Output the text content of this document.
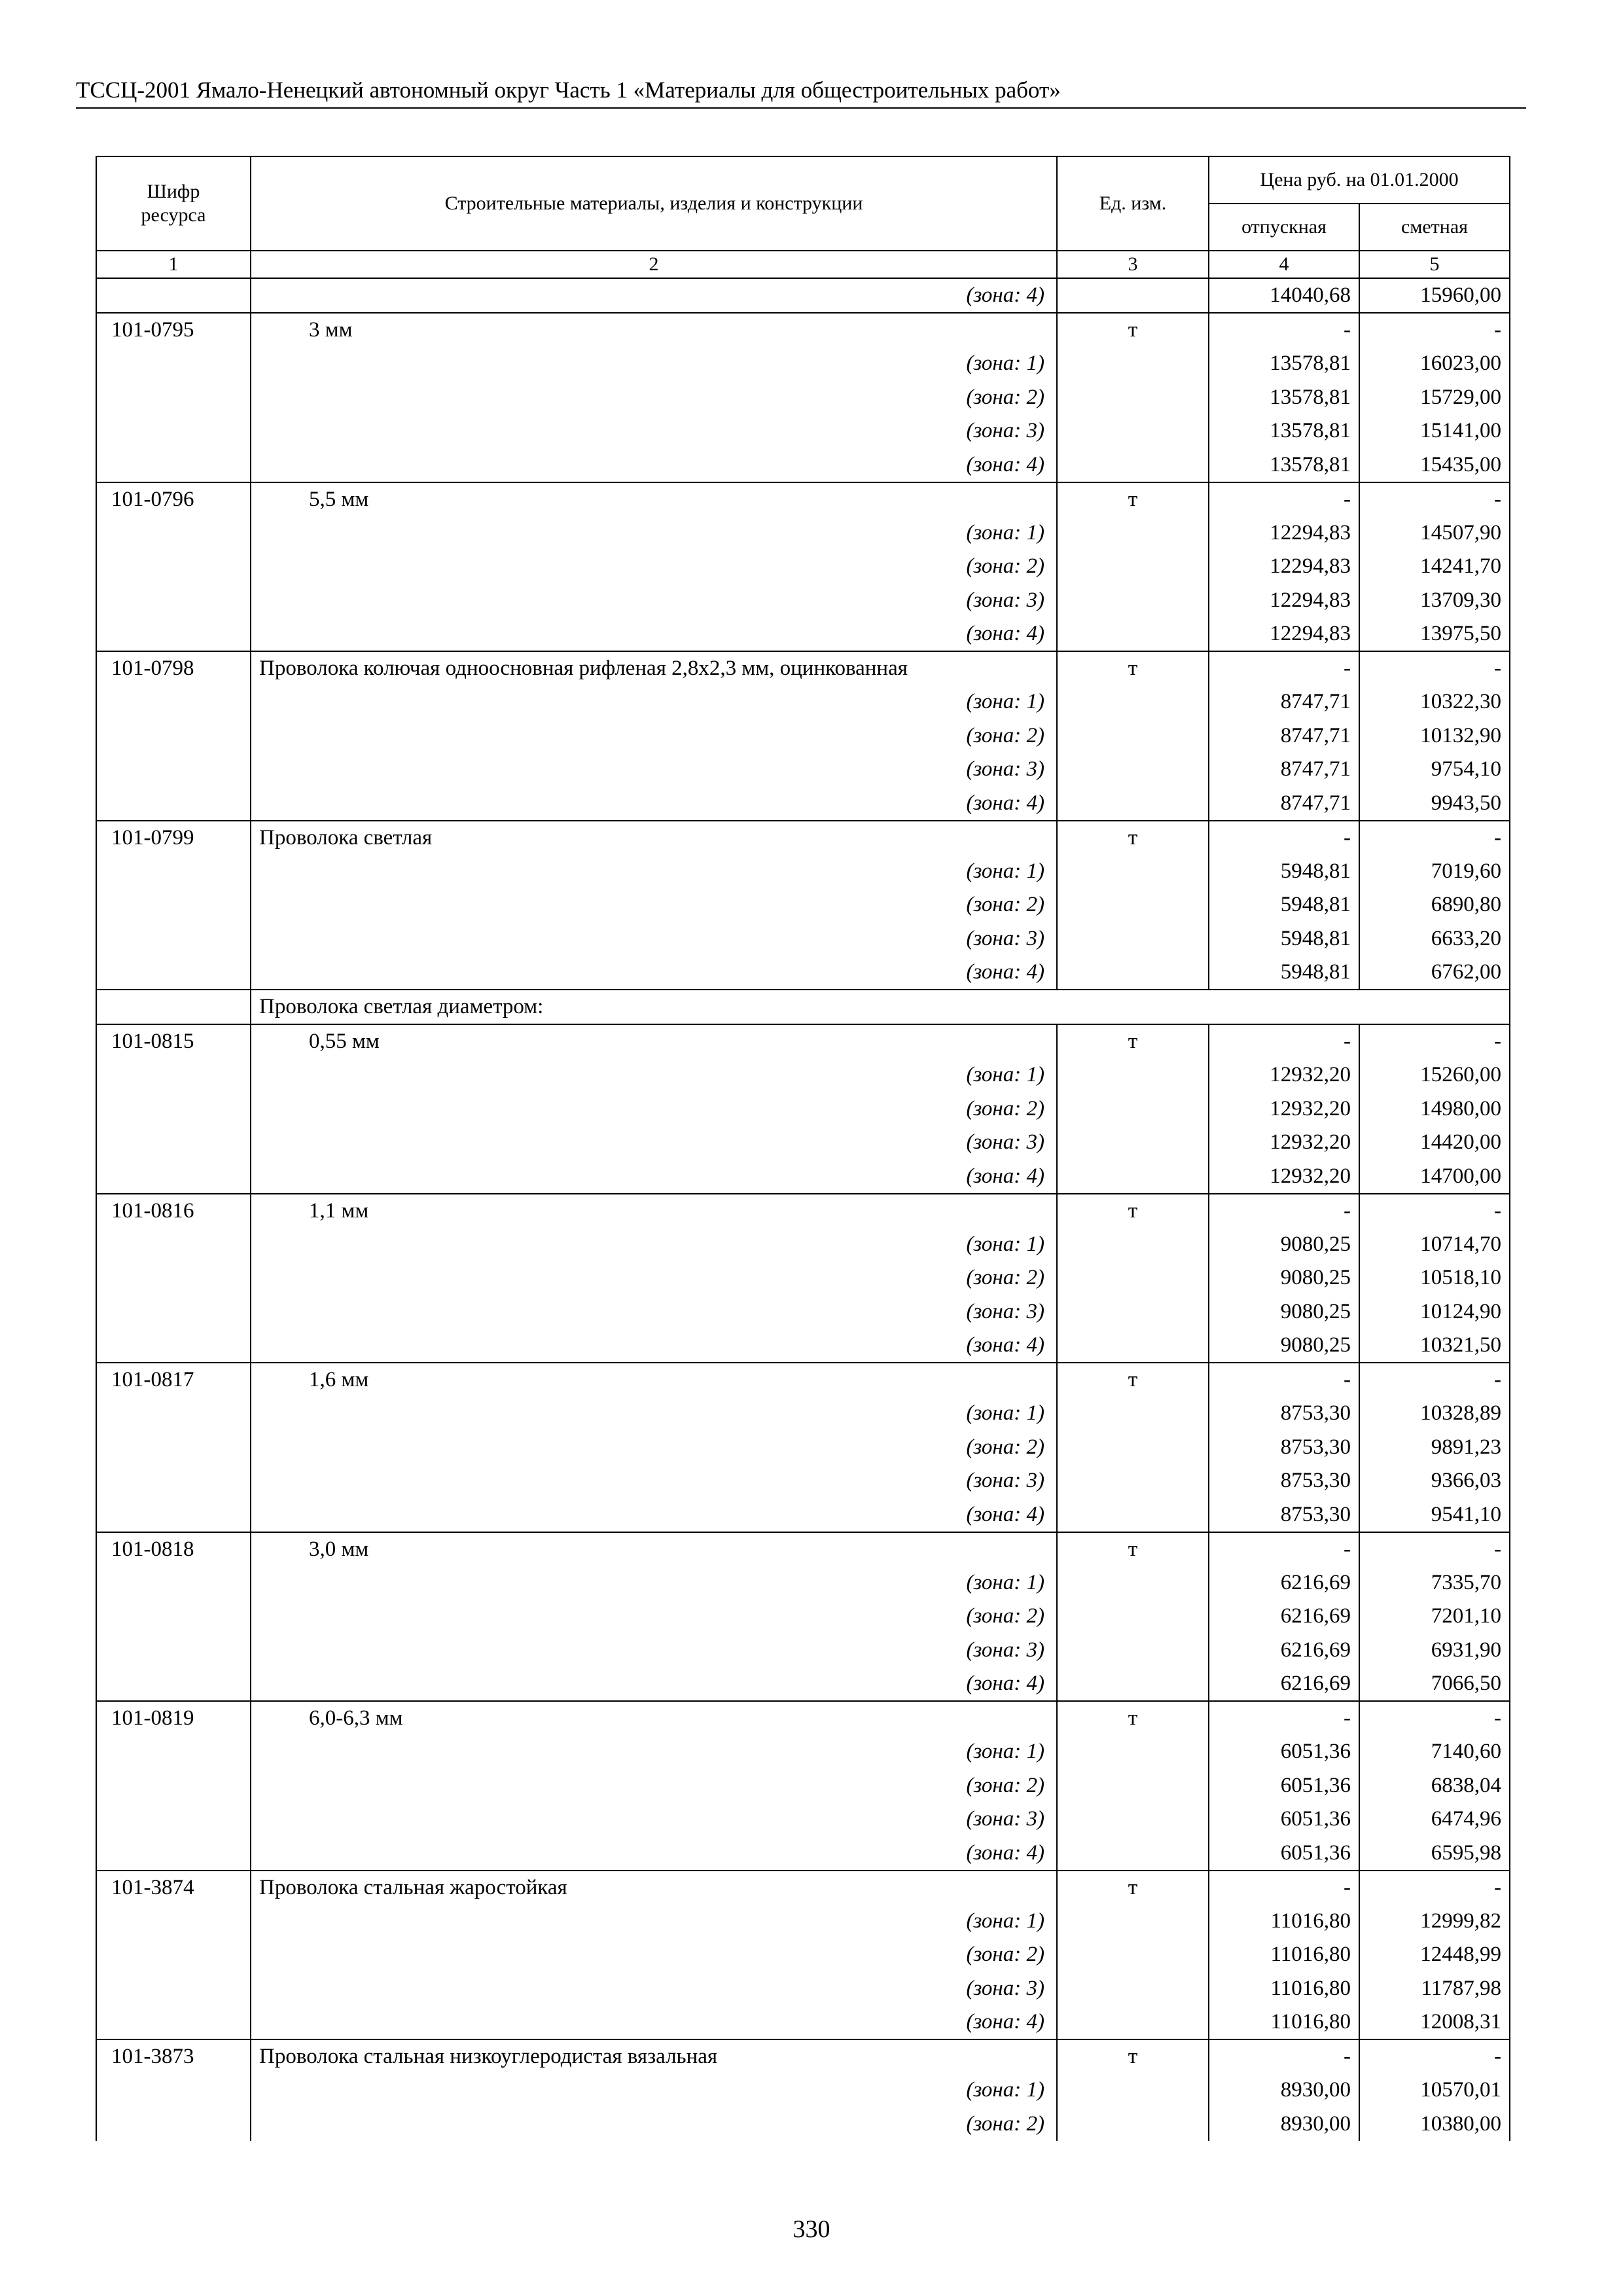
ТССЦ-2001 Ямало-Ненецкий автономный округ Часть 1 «Материалы для общестроительных работ»
Шифр ресурса	Строительные материалы, изделия и конструкции	Ед. изм.	Цена руб. на 01.01.2000	
			отпускная	сметная
1	2	3	4	5
	(зона: 4)		14040,68	15960,00
101-0795	3 мм	т	-	-
	(зона: 1)		13578,81	16023,00
	(зона: 2)		13578,81	15729,00
	(зона: 3)		13578,81	15141,00
	(зона: 4)		13578,81	15435,00
101-0796	5,5 мм	т	-	-
	(зона: 1)		12294,83	14507,90
	(зона: 2)		12294,83	14241,70
	(зона: 3)		12294,83	13709,30
	(зона: 4)		12294,83	13975,50
101-0798	Проволока колючая одноосновная рифленая 2,8х2,3 мм, оцинкованная	т	-	-
	(зона: 1)		8747,71	10322,30
	(зона: 2)		8747,71	10132,90
	(зона: 3)		8747,71	9754,10
	(зона: 4)		8747,71	9943,50
101-0799	Проволока светлая	т	-	-
	(зона: 1)		5948,81	7019,60
	(зона: 2)		5948,81	6890,80
	(зона: 3)		5948,81	6633,20
	(зона: 4)		5948,81	6762,00
	Проволока светлая диаметром:			
101-0815	0,55 мм	т	-	-
	(зона: 1)		12932,20	15260,00
	(зона: 2)		12932,20	14980,00
	(зона: 3)		12932,20	14420,00
	(зона: 4)		12932,20	14700,00
101-0816	1,1 мм	т	-	-
	(зона: 1)		9080,25	10714,70
	(зона: 2)		9080,25	10518,10
	(зона: 3)		9080,25	10124,90
	(зона: 4)		9080,25	10321,50
101-0817	1,6 мм	т	-	-
	(зона: 1)		8753,30	10328,89
	(зона: 2)		8753,30	9891,23
	(зона: 3)		8753,30	9366,03
	(зона: 4)		8753,30	9541,10
101-0818	3,0 мм	т	-	-
	(зона: 1)		6216,69	7335,70
	(зона: 2)		6216,69	7201,10
	(зона: 3)		6216,69	6931,90
	(зона: 4)		6216,69	7066,50
101-0819	6,0-6,3 мм	т	-	-
	(зона: 1)		6051,36	7140,60
	(зона: 2)		6051,36	6838,04
	(зона: 3)		6051,36	6474,96
	(зона: 4)		6051,36	6595,98
101-3874	Проволока стальная жаростойкая	т	-	-
	(зона: 1)		11016,80	12999,82
	(зона: 2)		11016,80	12448,99
	(зона: 3)		11016,80	11787,98
	(зона: 4)		11016,80	12008,31
101-3873	Проволока стальная низкоуглеродистая вязальная	т	-	-
	(зона: 1)		8930,00	10570,01
	(зона: 2)		8930,00	10380,00
330
